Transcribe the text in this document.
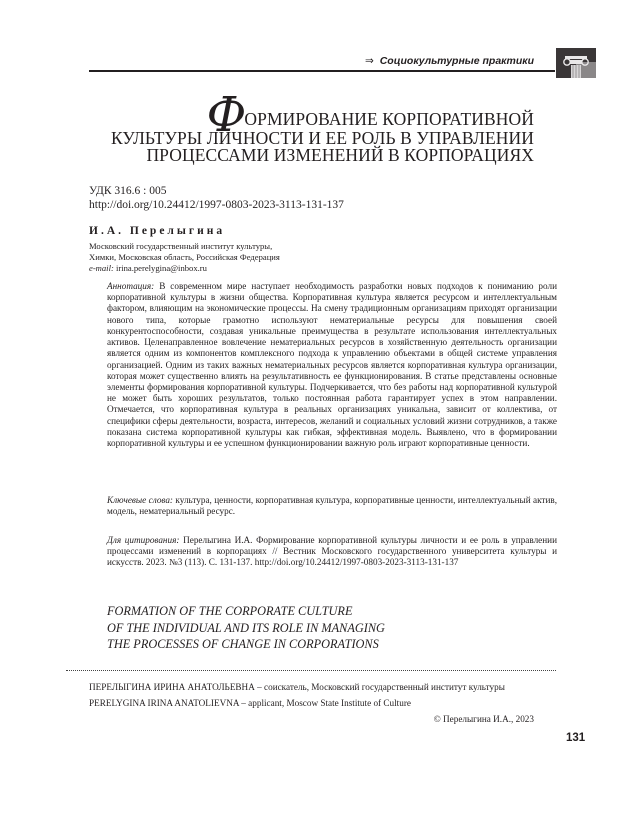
⇒ Социокультурные практики
ФОРМИРОВАНИЕ КОРПОРАТИВНОЙ
КУЛЬТУРЫ ЛИЧНОСТИ И ЕЕ РОЛЬ В УПРАВЛЕНИИ
ПРОЦЕССАМИ ИЗМЕНЕНИЙ В КОРПОРАЦИЯХ
УДК 316.6 : 005
http://doi.org/10.24412/1997-0803-2023-3113-131-137
И.А. Перелыгина
Московский государственный институт культуры,
Химки, Московская область, Российская Федерация
e-mail: irina.perelygina@inbox.ru
Аннотация: В современном мире наступает необходимость разработки новых подходов к пониманию роли корпоративной культуры в жизни общества. Корпоративная культура является ресурсом и интеллектуальным фактором, влияющим на экономические процессы. На смену традиционным организациям приходят организации нового типа, которые грамотно используют нематериальные ресурсы для повышения своей конкурентоспособности, создавая уникальные преимущества в результате использования интеллектуальных активов. Целенаправленное вовлечение нематериальных ресурсов в хозяйственную деятельность организации является одним из компонентов комплексного подхода к управлению объектами в общей системе управления организацией. Одним из таких важных нематериальных ресурсов является корпоративная культура организации, которая может существенно влиять на результативность ее функционирования. В статье представлены основные элементы формирования корпоративной культуры. Подчеркивается, что без работы над корпоративной культурой не может быть хороших результатов, только постоянная работа гарантирует успех в этом направлении. Отмечается, что корпоративная культура в реальных организациях уникальна, зависит от коллектива, от специфики сферы деятельности, возраста, интересов, желаний и социальных условий жизни сотрудников, а также показана система корпоративной культуры как гибкая, эффективная модель. Выявлено, что в формировании корпоративной культуры и ее успешном функционировании важную роль играют корпоративные ценности.
Ключевые слова: культура, ценности, корпоративная культура, корпоративные ценности, интеллектуальный актив, модель, нематериальный ресурс.
Для цитирования: Перелыгина И.А. Формирование корпоративной культуры личности и ее роль в управлении процессами изменений в корпорациях // Вестник Московского государственного университета культуры и искусств. 2023. №3 (113). С. 131-137. http://doi.org/10.24412/1997-0803-2023-3113-131-137
FORMATION OF THE CORPORATE CULTURE
OF THE INDIVIDUAL AND ITS ROLE IN MANAGING
THE PROCESSES OF CHANGE IN CORPORATIONS
ПЕРЕЛЫГИНА ИРИНА АНАТОЛЬЕВНА – соискатель, Московский государственный институт культуры
PERELYGINA IRINA ANATOLIEVNA – applicant, Moscow State Institute of Culture
© Перелыгина И.А., 2023
131
